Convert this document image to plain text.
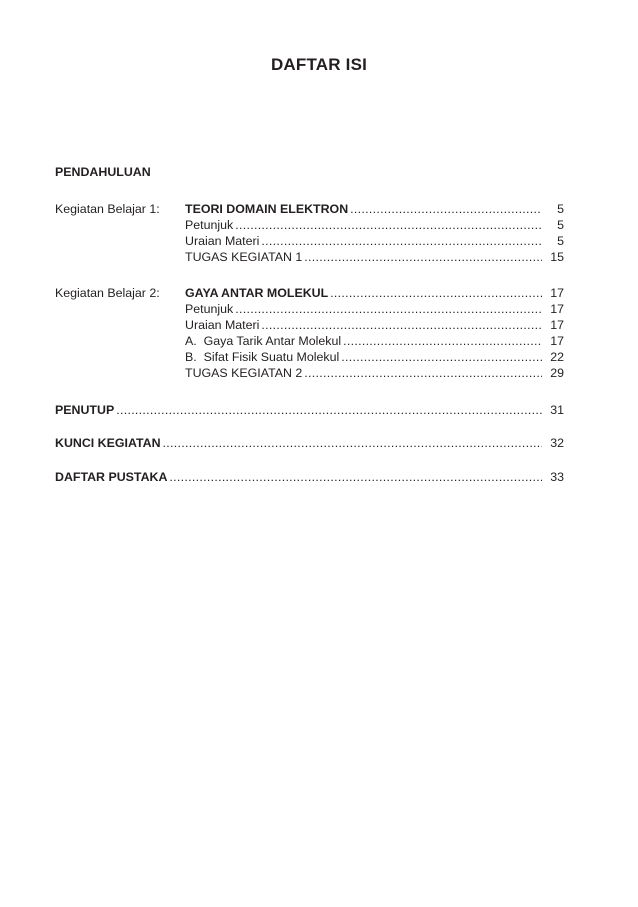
DAFTAR ISI
PENDAHULUAN
Kegiatan Belajar 1: TEORI DOMAIN ELEKTRON .....	5
Petunjuk .....	5
Uraian Materi .....	5
TUGAS KEGIATAN 1 .....	15
Kegiatan Belajar 2: GAYA ANTAR MOLEKUL .....	17
Petunjuk .....	17
Uraian Materi .....	17
A.  Gaya Tarik Antar Molekul .....	17
B.  Sifat Fisik Suatu Molekul .....	22
TUGAS KEGIATAN 2 .....	29
PENUTUP .....	31
KUNCI KEGIATAN .....	32
DAFTAR PUSTAKA .....	33
